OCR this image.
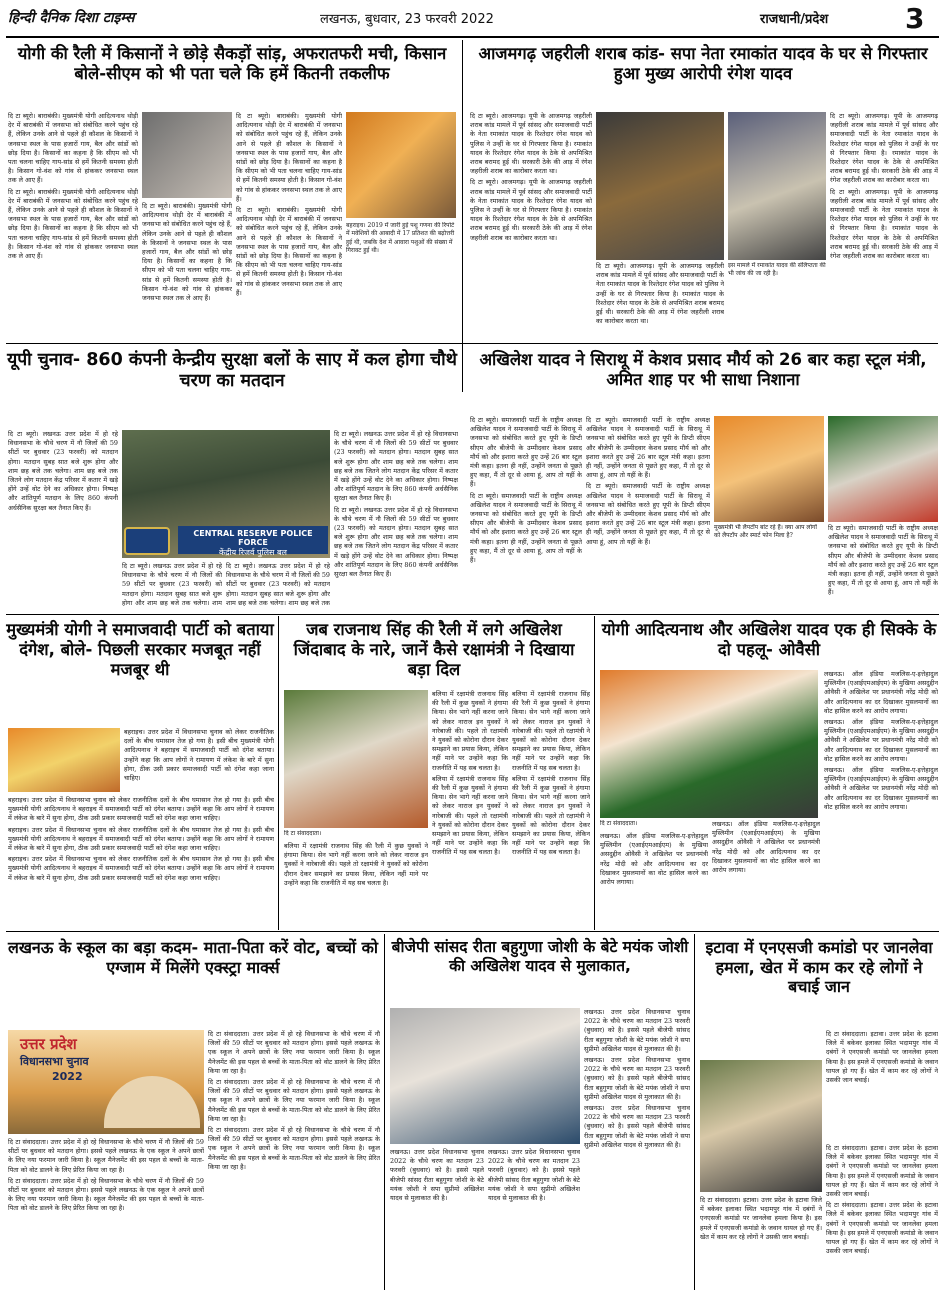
हिन्दी दैनिक दिशा टाइम्स	लखनऊ, बुधवार, 23 फरवरी 2022	राजधानी/प्रदेश	3
योगी की रैली में किसानों ने छोड़े सैकड़ों सांड़, अफरातफरी मची, किसान बोले-सीएम को भी पता चले कि हमें कितनी तकलीफ

दि टा ब्यूरो। बाराबंकी। मुख्यमंत्री योगी आदित्यनाथ थोड़ी देर में बाराबंकी में जनसभा को संबोधित करने पहुंच रहे हैं, लेकिन उनके आने से पहले ही कौशल के किसानों ने जनसभा स्थल के पास हजारों गाय, बैल और सांडों को छोड़ दिया है। किसानों का कहना है कि सीएम को भी पता चलना चाहिए गाय-सांड से हमें कितनी समस्या होती है। किसान गो-वंश को गांव से हांककर जनसभा स्थल तक ले आए हैं।

दि टा ब्यूरो। बाराबंकी। मुख्यमंत्री योगी आदित्यनाथ थोड़ी देर में बाराबंकी में जनसभा को संबोधित करने पहुंच रहे हैं, लेकिन उनके आने से पहले ही कौशल के किसानों ने जनसभा स्थल के पास हजारों गाय, बैल और सांडों को छोड़ दिया है। किसानों का कहना है कि सीएम को भी पता चलना चाहिए गाय-सांड से हमें कितनी समस्या होती है। किसान गो-वंश को गांव से हांककर जनसभा स्थल तक ले आए हैं।

दि टा ब्यूरो। बाराबंकी। मुख्यमंत्री योगी आदित्यनाथ थोड़ी देर में बाराबंकी में जनसभा को संबोधित करने पहुंच रहे हैं, लेकिन उनके आने से पहले ही कौशल के किसानों ने जनसभा स्थल के पास हजारों गाय, बैल और सांडों को छोड़ दिया है। किसानों का कहना है कि सीएम को भी पता चलना चाहिए गाय-सांड से हमें कितनी समस्या होती है। किसान गो-वंश को गांव से हांककर जनसभा स्थल तक ले आए हैं।

दि टा ब्यूरो। बाराबंकी। मुख्यमंत्री योगी आदित्यनाथ थोड़ी देर में बाराबंकी में जनसभा को संबोधित करने पहुंच रहे हैं, लेकिन उनके आने से पहले ही कौशल के किसानों ने जनसभा स्थल के पास हजारों गाय, बैल और सांडों को छोड़ दिया है। किसानों का कहना है कि सीएम को भी पता चलना चाहिए गाय-सांड से हमें कितनी समस्या होती है। किसान गो-वंश को गांव से हांककर जनसभा स्थल तक ले आए हैं।

दि टा ब्यूरो। बाराबंकी। मुख्यमंत्री योगी आदित्यनाथ थोड़ी देर में बाराबंकी में जनसभा को संबोधित करने पहुंच रहे हैं, लेकिन उनके आने से पहले ही कौशल के किसानों ने जनसभा स्थल के पास हजारों गाय, बैल और सांडों को छोड़ दिया है। किसानों का कहना है कि सीएम को भी पता चलना चाहिए गाय-सांड से हमें कितनी समस्या होती है। किसान गो-वंश को गांव से हांककर जनसभा स्थल तक ले आए हैं।

बहराइच। 2019 में जारी हुई पशु गणना की रिपोर्ट में मवेशियों की आबादी में 17 प्रतिशत की बढ़ोत्तरी हुई थी, जबकि देश में आवारा पशुओं की संख्या में गिरावट हुई थी।
आजमगढ़ जहरीली शराब कांड- सपा नेता रमाकांत यादव के घर से गिरफ्तार हुआ मुख्य आरोपी रंगेश यादव

दि टा ब्यूरो। आजमगढ़। यूपी के आजमगढ़ जहरीली शराब कांड मामले में पूर्व सांसद और समाजवादी पार्टी के नेता रमाकांत यादव के रिश्तेदार रंगेश यादव को पुलिस ने उन्हीं के घर से गिरफ्तार किया है। रमाकांत यादव के रिश्तेदार रंगेश यादव के ठेके से अपमिश्रित शराब बरामद हुई थी। सरकारी ठेके की आड़ में रंगेश जहरीली शराब का कारोबार करता था।

दि टा ब्यूरो। आजमगढ़। यूपी के आजमगढ़ जहरीली शराब कांड मामले में पूर्व सांसद और समाजवादी पार्टी के नेता रमाकांत यादव के रिश्तेदार रंगेश यादव को पुलिस ने उन्हीं के घर से गिरफ्तार किया है। रमाकांत यादव के रिश्तेदार रंगेश यादव के ठेके से अपमिश्रित शराब बरामद हुई थी। सरकारी ठेके की आड़ में रंगेश जहरीली शराब का कारोबार करता था।

इस मामले में रमाकांत यादव की संलिप्तता की भी जांच की जा रही है।

दि टा ब्यूरो। आजमगढ़। यूपी के आजमगढ़ जहरीली शराब कांड मामले में पूर्व सांसद और समाजवादी पार्टी के नेता रमाकांत यादव के रिश्तेदार रंगेश यादव को पुलिस ने उन्हीं के घर से गिरफ्तार किया है। रमाकांत यादव के रिश्तेदार रंगेश यादव के ठेके से अपमिश्रित शराब बरामद हुई थी। सरकारी ठेके की आड़ में रंगेश जहरीली शराब का कारोबार करता था।

दि टा ब्यूरो। आजमगढ़। यूपी के आजमगढ़ जहरीली शराब कांड मामले में पूर्व सांसद और समाजवादी पार्टी के नेता रमाकांत यादव के रिश्तेदार रंगेश यादव को पुलिस ने उन्हीं के घर से गिरफ्तार किया है। रमाकांत यादव के रिश्तेदार रंगेश यादव के ठेके से अपमिश्रित शराब बरामद हुई थी। सरकारी ठेके की आड़ में रंगेश जहरीली शराब का कारोबार करता था।

दि टा ब्यूरो। आजमगढ़। यूपी के आजमगढ़ जहरीली शराब कांड मामले में पूर्व सांसद और समाजवादी पार्टी के नेता रमाकांत यादव के रिश्तेदार रंगेश यादव को पुलिस ने उन्हीं के घर से गिरफ्तार किया है। रमाकांत यादव के रिश्तेदार रंगेश यादव के ठेके से अपमिश्रित शराब बरामद हुई थी। सरकारी ठेके की आड़ में रंगेश जहरीली शराब का कारोबार करता था।

यूपी चुनाव- 860 कंपनी केन्द्रीय सुरक्षा बलों के साए में कल होगा चौथे चरण का मतदान

दि टा ब्यूरो। लखनऊ उत्तर प्रदेश में हो रहे विधानसभा के चौथे चरण में नौ जिलों की 59 सीटों पर बुधवार (23 फरवरी) को मतदान होगा। मतदान सुबह सात बजे शुरू होगा और शाम छह बजे तक चलेगा। शाम छह बजे तक जितने लोग मतदान केंद्र परिसर में कतार में खड़े होंगे उन्हें वोट देने का अधिकार होगा। निष्पक्ष और शांतिपूर्ण मतदान के लिए 860 कंपनी अर्धसैनिक सुरक्षा बल तैनात किए हैं।

CENTRAL RESERVE POLICE FORCE
केंद्रीय रिजर्व पुलिस बल

दि टा ब्यूरो। लखनऊ उत्तर प्रदेश में हो रहे विधानसभा के चौथे चरण में नौ जिलों की 59 सीटों पर बुधवार (23 फरवरी) को मतदान होगा। मतदान सुबह सात बजे शुरू होगा और शाम छह बजे तक चलेगा। शाम

दि टा ब्यूरो। लखनऊ उत्तर प्रदेश में हो रहे विधानसभा के चौथे चरण में नौ जिलों की 59 सीटों पर बुधवार (23 फरवरी) को मतदान होगा। मतदान सुबह सात बजे शुरू होगा और शाम छह बजे तक चलेगा। शाम छह बजे तक

दि टा ब्यूरो। लखनऊ उत्तर प्रदेश में हो रहे विधानसभा के चौथे चरण में नौ जिलों की 59 सीटों पर बुधवार (23 फरवरी) को मतदान होगा। मतदान सुबह सात बजे शुरू होगा और शाम छह बजे तक चलेगा। शाम छह बजे तक जितने लोग मतदान केंद्र परिसर में कतार में खड़े होंगे उन्हें वोट देने का अधिकार होगा। निष्पक्ष और शांतिपूर्ण मतदान के लिए 860 कंपनी अर्धसैनिक सुरक्षा बल तैनात किए हैं।

दि टा ब्यूरो। लखनऊ उत्तर प्रदेश में हो रहे विधानसभा के चौथे चरण में नौ जिलों की 59 सीटों पर बुधवार (23 फरवरी) को मतदान होगा। मतदान सुबह सात बजे शुरू होगा और शाम छह बजे तक चलेगा। शाम छह बजे तक जितने लोग मतदान केंद्र परिसर में कतार में खड़े होंगे उन्हें वोट देने का अधिकार होगा। निष्पक्ष और शांतिपूर्ण मतदान के लिए 860 कंपनी अर्धसैनिक सुरक्षा बल तैनात किए हैं।

अखिलेश यादव ने सिराथू में केशव प्रसाद मौर्य को 26 बार कहा स्टूल मंत्री, अमित शाह पर भी साधा निशाना

दि टा ब्यूरो। समाजवादी पार्टी के राष्ट्रीय अध्यक्ष अखिलेश यादव ने समाजवादी पार्टी के सिराथू में जनसभा को संबोधित करते हुए यूपी के डिप्टी सीएम और बीजेपी के उम्मीदवार केशव प्रसाद मौर्य को और इशारा करते हुए उन्हें 26 बार स्टूल मंत्री कहा। इतना ही नहीं, उन्होंने जनता से पूछते हुए कहा, मैं तो दूर से आया हूं, आप तो यहीं के हैं।

दि टा ब्यूरो। समाजवादी पार्टी के राष्ट्रीय अध्यक्ष अखिलेश यादव ने समाजवादी पार्टी के सिराथू में जनसभा को संबोधित करते हुए यूपी के डिप्टी सीएम और बीजेपी के उम्मीदवार केशव प्रसाद मौर्य को और इशारा करते हुए उन्हें 26 बार स्टूल मंत्री कहा। इतना ही नहीं, उन्होंने जनता से पूछते हुए कहा, मैं तो दूर से आया हूं, आप तो यहीं के हैं।

दि टा ब्यूरो। समाजवादी पार्टी के राष्ट्रीय अध्यक्ष अखिलेश यादव ने समाजवादी पार्टी के सिराथू में जनसभा को संबोधित करते हुए यूपी के डिप्टी सीएम और बीजेपी के उम्मीदवार केशव प्रसाद मौर्य को और इशारा करते हुए उन्हें 26 बार स्टूल मंत्री कहा। इतना ही नहीं, उन्होंने जनता से पूछते हुए कहा, मैं तो दूर से आया हूं, आप तो यहीं के हैं।

दि टा ब्यूरो। समाजवादी पार्टी के राष्ट्रीय अध्यक्ष अखिलेश यादव ने समाजवादी पार्टी के सिराथू में जनसभा को संबोधित करते हुए यूपी के डिप्टी सीएम और बीजेपी के उम्मीदवार केशव प्रसाद मौर्य को और इशारा करते हुए उन्हें 26 बार स्टूल मंत्री कहा। इतना ही नहीं, उन्होंने जनता से पूछते हुए कहा, मैं तो दूर से आया हूं, आप तो यहीं के हैं।

मुख्यमंत्री भी लैपटॉप बांट रहे हैं। क्या आप लोगों को लैपटॉप और स्मार्ट फोन मिला है?

दि टा ब्यूरो। समाजवादी पार्टी के राष्ट्रीय अध्यक्ष अखिलेश यादव ने समाजवादी पार्टी के सिराथू में जनसभा को संबोधित करते हुए यूपी के डिप्टी सीएम और बीजेपी के उम्मीदवार केशव प्रसाद मौर्य को और इशारा करते हुए उन्हें 26 बार स्टूल मंत्री कहा। इतना ही नहीं, उन्होंने जनता से पूछते हुए कहा, मैं तो दूर से आया हूं, आप तो यहीं के हैं।

मुख्यमंत्री योगी ने समाजवादी पार्टी को बताया दंगेश, बोले- पिछली सरकार मजबूत नहीं मजबूर थी

बहराइच। उत्तर प्रदेश में विधानसभा चुनाव को लेकर राजनीतिक दलों के बीच घमासान तेज हो गया है। इसी बीच मुख्यमंत्री योगी आदित्यनाथ ने बहराइच में समाजवादी पार्टी को दंगेश बताया। उन्होंने कहा कि आप लोगों ने रामायण में लंकेश के बारे में सुना होगा, ठीक उसी प्रकार समाजवादी पार्टी को दंगेश कहा जाना चाहिए।

बहराइच। उत्तर प्रदेश में विधानसभा चुनाव को लेकर राजनीतिक दलों के बीच घमासान तेज हो गया है। इसी बीच मुख्यमंत्री योगी आदित्यनाथ ने बहराइच में समाजवादी पार्टी को दंगेश बताया। उन्होंने कहा कि आप लोगों ने रामायण में लंकेश के बारे में सुना होगा, ठीक उसी प्रकार समाजवादी पार्टी को दंगेश कहा जाना चाहिए।

बहराइच। उत्तर प्रदेश में विधानसभा चुनाव को लेकर राजनीतिक दलों के बीच घमासान तेज हो गया है। इसी बीच मुख्यमंत्री योगी आदित्यनाथ ने बहराइच में समाजवादी पार्टी को दंगेश बताया। उन्होंने कहा कि आप लोगों ने रामायण में लंकेश के बारे में सुना होगा, ठीक उसी प्रकार समाजवादी पार्टी को दंगेश कहा जाना चाहिए।

बहराइच। उत्तर प्रदेश में विधानसभा चुनाव को लेकर राजनीतिक दलों के बीच घमासान तेज हो गया है। इसी बीच मुख्यमंत्री योगी आदित्यनाथ ने बहराइच में समाजवादी पार्टी को दंगेश बताया। उन्होंने कहा कि आप लोगों ने रामायण में लंकेश के बारे में सुना होगा, ठीक उसी प्रकार समाजवादी पार्टी को दंगेश कहा जाना चाहिए।

जब राजनाथ सिंह की रैली में लगे अखिलेश जिंदाबाद के नारे, जानें कैसे रक्षामंत्री ने दिखाया बड़ा दिल
दि टा संवाददाता।

बलिया में रक्षामंत्री राजनाथ सिंह की रैली में कुछ युवकों ने हंगामा किया। सेन भागे नहीं करना जाने को लेकर नाराज इन युवकों ने नारेबाजी की। पहले तो रक्षामंत्री ने युवकों को कोरोना दौरान देकर समझाने का प्रयास किया, लेकिन नहीं माने पर उन्होंने कहा कि राजनीति में यह सब चलता है।

बलिया में रक्षामंत्री राजनाथ सिंह की रैली में कुछ युवकों ने हंगामा किया। सेन भागे नहीं करना जाने को लेकर नाराज इन युवकों ने नारेबाजी की। पहले तो रक्षामंत्री ने युवकों को कोरोना दौरान देकर समझाने का प्रयास किया, लेकिन नहीं माने पर उन्होंने कहा कि राजनीति में यह सब चलता है।

बलिया में रक्षामंत्री राजनाथ सिंह की रैली में कुछ युवकों ने हंगामा किया। सेन भागे नहीं करना जाने को लेकर नाराज इन युवकों ने नारेबाजी की। पहले तो रक्षामंत्री ने युवकों को कोरोना दौरान देकर समझाने का प्रयास किया, लेकिन नहीं माने पर उन्होंने कहा कि राजनीति में यह सब चलता है।

बलिया में रक्षामंत्री राजनाथ सिंह की रैली में कुछ युवकों ने हंगामा किया। सेन भागे नहीं करना जाने को लेकर नाराज इन युवकों ने नारेबाजी की। पहले तो रक्षामंत्री ने युवकों को कोरोना दौरान देकर समझाने का प्रयास किया, लेकिन नहीं माने पर उन्होंने कहा कि राजनीति में यह सब चलता है।

बलिया में रक्षामंत्री राजनाथ सिंह की रैली में कुछ युवकों ने हंगामा किया। सेन भागे नहीं करना जाने को लेकर नाराज इन युवकों ने नारेबाजी की। पहले तो रक्षामंत्री ने युवकों को कोरोना दौरान देकर समझाने का प्रयास किया, लेकिन नहीं माने पर उन्होंने कहा कि राजनीति में यह सब चलता है।

योगी आदित्यनाथ और अखिलेश यादव एक ही सिक्के के दो पहलू- ओवैसी
दि टा संवाददाता।

लखनऊ। ऑल इंडिया मजलिस-ए-इत्तेहादुल मुस्लिमीन (एआईएमआईएम) के मुखिया असदुद्दीन ओवैसी ने अखिलेश पर प्रधानमंत्री नरेंद्र मोदी को और आदित्यनाथ का दर दिखाकर मुसलमानों का वोट हासिल करने का आरोप लगाया।

लखनऊ। ऑल इंडिया मजलिस-ए-इत्तेहादुल मुस्लिमीन (एआईएमआईएम) के मुखिया असदुद्दीन ओवैसी ने अखिलेश पर प्रधानमंत्री नरेंद्र मोदी को और आदित्यनाथ का दर दिखाकर मुसलमानों का वोट हासिल करने का आरोप लगाया।

लखनऊ। ऑल इंडिया मजलिस-ए-इत्तेहादुल मुस्लिमीन (एआईएमआईएम) के मुखिया असदुद्दीन ओवैसी ने अखिलेश पर प्रधानमंत्री नरेंद्र मोदी को और आदित्यनाथ का दर दिखाकर मुसलमानों का वोट हासिल करने का आरोप लगाया।

लखनऊ। ऑल इंडिया मजलिस-ए-इत्तेहादुल मुस्लिमीन (एआईएमआईएम) के मुखिया असदुद्दीन ओवैसी ने अखिलेश पर प्रधानमंत्री नरेंद्र मोदी को और आदित्यनाथ का दर दिखाकर मुसलमानों का वोट हासिल करने का आरोप लगाया।

लखनऊ। ऑल इंडिया मजलिस-ए-इत्तेहादुल मुस्लिमीन (एआईएमआईएम) के मुखिया असदुद्दीन ओवैसी ने अखिलेश पर प्रधानमंत्री नरेंद्र मोदी को और आदित्यनाथ का दर दिखाकर मुसलमानों का वोट हासिल करने का आरोप लगाया।

लखनऊ के स्कूल का बड़ा कदम- माता-पिता करें वोट, बच्चों को एग्जाम में मिलेंगे एक्स्ट्रा मार्क्स
उत्तर प्रदेश
विधानसभा चुनाव
2022

दि टा संवाददाता। उत्तर प्रदेश में हो रहे विधानसभा के चौथे चरण में नौ जिलों की 59 सीटों पर बुधवार को मतदान होगा। इससे पहले लखनऊ के एक स्कूल ने अपने छात्रों के लिए नया फरमान जारी किया है। स्कूल मैनेजमेंट की इस पहल से बच्चों के माता-पिता को वोट डालने के लिए प्रेरित किया जा रहा है।

दि टा संवाददाता। उत्तर प्रदेश में हो रहे विधानसभा के चौथे चरण में नौ जिलों की 59 सीटों पर बुधवार को मतदान होगा। इससे पहले लखनऊ के एक स्कूल ने अपने छात्रों के लिए नया फरमान जारी किया है। स्कूल मैनेजमेंट की इस पहल से बच्चों के माता-पिता को वोट डालने के लिए प्रेरित किया जा रहा है।

दि टा संवाददाता। उत्तर प्रदेश में हो रहे विधानसभा के चौथे चरण में नौ जिलों की 59 सीटों पर बुधवार को मतदान होगा। इससे पहले लखनऊ के एक स्कूल ने अपने छात्रों के लिए नया फरमान जारी किया है। स्कूल मैनेजमेंट की इस पहल से बच्चों के माता-पिता को वोट डालने के लिए प्रेरित किया जा रहा है।

दि टा संवाददाता। उत्तर प्रदेश में हो रहे विधानसभा के चौथे चरण में नौ जिलों की 59 सीटों पर बुधवार को मतदान होगा। इससे पहले लखनऊ के एक स्कूल ने अपने छात्रों के लिए नया फरमान जारी किया है। स्कूल मैनेजमेंट की इस पहल से बच्चों के माता-पिता को वोट डालने के लिए प्रेरित किया जा रहा है।

दि टा संवाददाता। उत्तर प्रदेश में हो रहे विधानसभा के चौथे चरण में नौ जिलों की 59 सीटों पर बुधवार को मतदान होगा। इससे पहले लखनऊ के एक स्कूल ने अपने छात्रों के लिए नया फरमान जारी किया है। स्कूल मैनेजमेंट की इस पहल से बच्चों के माता-पिता को वोट डालने के लिए प्रेरित किया जा रहा है।

बीजेपी सांसद रीता बहुगुणा जोशी के बेटे मयंक जोशी की अखिलेश यादव से मुलाकात,

लखनऊ। उत्तर प्रदेश विधानसभा चुनाव 2022 के चौथे चरण का मतदान 23 फरवरी (बुधवार) को है। इससे पहले बीजेपी सांसद रीता बहुगुणा जोशी के बेटे मयंक जोशी ने सपा सुप्रीमो अखिलेश यादव से मुलाकात की है।

लखनऊ। उत्तर प्रदेश विधानसभा चुनाव 2022 के चौथे चरण का मतदान 23 फरवरी (बुधवार) को है। इससे पहले बीजेपी सांसद रीता बहुगुणा जोशी के बेटे मयंक जोशी ने सपा सुप्रीमो अखिलेश यादव से मुलाकात की है।

लखनऊ। उत्तर प्रदेश विधानसभा चुनाव 2022 के चौथे चरण का मतदान 23 फरवरी (बुधवार) को है। इससे पहले बीजेपी सांसद रीता बहुगुणा जोशी के बेटे मयंक जोशी ने सपा सुप्रीमो अखिलेश यादव से मुलाकात की है।

लखनऊ। उत्तर प्रदेश विधानसभा चुनाव 2022 के चौथे चरण का मतदान 23 फरवरी (बुधवार) को है। इससे पहले बीजेपी सांसद रीता बहुगुणा जोशी के बेटे मयंक जोशी ने सपा सुप्रीमो अखिलेश यादव से मुलाकात की है।

लखनऊ। उत्तर प्रदेश विधानसभा चुनाव 2022 के चौथे चरण का मतदान 23 फरवरी (बुधवार) को है। इससे पहले बीजेपी सांसद रीता बहुगुणा जोशी के बेटे मयंक जोशी ने सपा सुप्रीमो अखिलेश यादव से मुलाकात की है।

इटावा में एनएसजी कमांडो पर जानलेवा हमला, खेत में काम कर रहे लोगों ने बचाई जान

दि टा संवाददाता। इटावा। उत्तर प्रदेश के इटावा जिले में बकेवर इलाका स्थित भदामपुर गांव में दबंगों ने एनएसजी कमांडो पर जानलेवा हमला किया है। इस हमले में एनएसजी कमांडो के जवान घायल हो गए हैं। खेत में काम कर रहे लोगों ने उसकी जान बचाई।

दि टा संवाददाता। इटावा। उत्तर प्रदेश के इटावा जिले में बकेवर इलाका स्थित भदामपुर गांव में दबंगों ने एनएसजी कमांडो पर जानलेवा हमला किया है। इस हमले में एनएसजी कमांडो के जवान घायल हो गए हैं। खेत में काम कर रहे लोगों ने उसकी जान बचाई।

दि टा संवाददाता। इटावा। उत्तर प्रदेश के इटावा जिले में बकेवर इलाका स्थित भदामपुर गांव में दबंगों ने एनएसजी कमांडो पर जानलेवा हमला किया है। इस हमले में एनएसजी कमांडो के जवान घायल हो गए हैं। खेत में काम कर रहे लोगों ने उसकी जान बचाई।

दि टा संवाददाता। इटावा। उत्तर प्रदेश के इटावा जिले में बकेवर इलाका स्थित भदामपुर गांव में दबंगों ने एनएसजी कमांडो पर जानलेवा हमला किया है। इस हमले में एनएसजी कमांडो के जवान घायल हो गए हैं। खेत में काम कर रहे लोगों ने उसकी जान बचाई।
